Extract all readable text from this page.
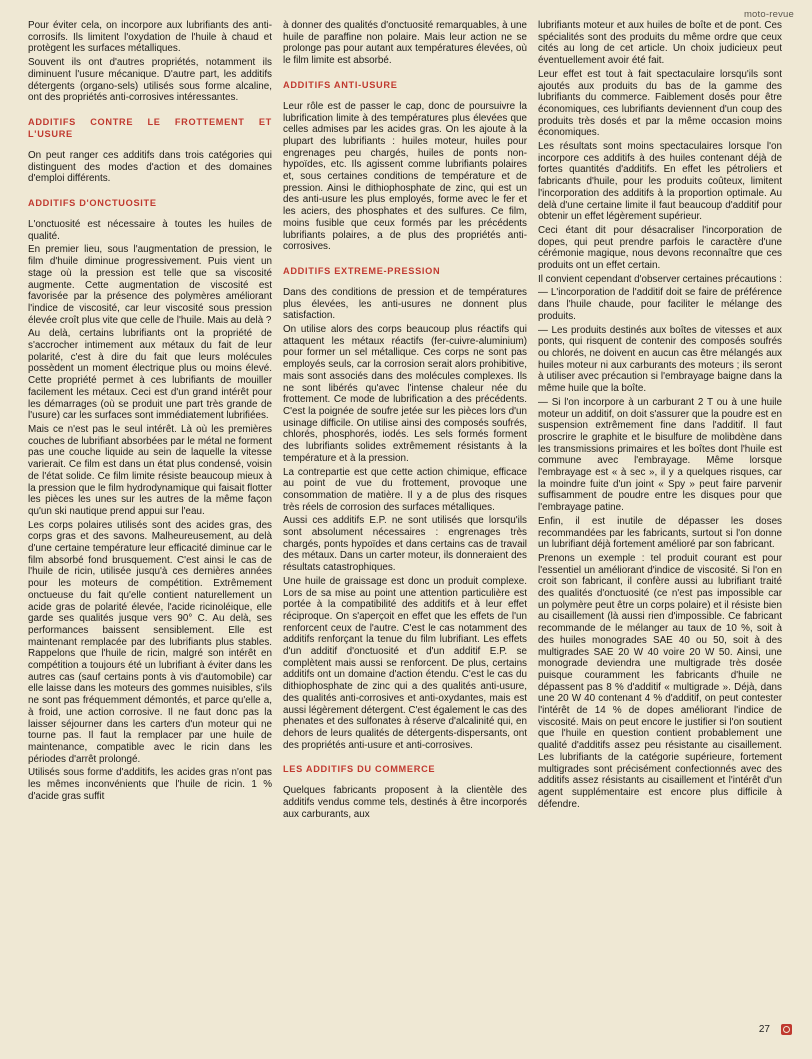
moto-revue

Pour éviter cela, on incorpore aux lubrifiants des anti-corrosifs. Ils limitent l'oxydation de l'huile à chaud et protègent les surfaces métalliques.

Souvent ils ont d'autres propriétés, notamment ils diminuent l'usure mécanique. D'autre part, les additifs détergents (organo-sels) utilisés sous forme alcaline, ont des propriétés anti-corrosives intéressantes.

ADDITIFS CONTRE LE FROTTEMENT ET L'USURE

On peut ranger ces additifs dans trois catégories qui distinguent des modes d'action et des domaines d'emploi différents.

ADDITIFS D'ONCTUOSITE

L'onctuosité est nécessaire à toutes les huiles de qualité.

En premier lieu, sous l'augmentation de pression, le film d'huile diminue progressivement. Puis vient un stage où la pression est telle que sa viscosité augmente. Cette augmentation de viscosité est favorisée par la présence des polymères améliorant l'indice de viscosité, car leur viscosité sous pression élevée croît plus vite que celle de l'huile. Mais au delà ?

Au delà, certains lubrifiants ont la propriété de s'accrocher intimement aux métaux du fait de leur polarité, c'est à dire du fait que leurs molécules possèdent un moment électrique plus ou moins élevé. Cette propriété permet à ces lubrifiants de mouiller facilement les métaux. Ceci est d'un grand intérêt pour les démarrages (où se produit une part très grande de l'usure) car les surfaces sont immédiatement lubrifiées.

Mais ce n'est pas le seul intérêt. Là où les premières couches de lubrifiant absorbées par le métal ne forment pas une couche liquide au sein de laquelle la vitesse varierait. Ce film est dans un état plus condensé, voisin de l'état solide. Ce film limite résiste beaucoup mieux à la pression que le film hydrodynamique qui faisait flotter les pièces les unes sur les autres de la même façon qu'un ski nautique prend appui sur l'eau.

Les corps polaires utilisés sont des acides gras, des corps gras et des savons. Malheureusement, au delà d'une certaine température leur efficacité diminue car le film absorbé fond brusquement. C'est ainsi le cas de l'huile de ricin, utilisée jusqu'à ces dernières années pour les moteurs de compétition. Extrêmement onctueuse du fait qu'elle contient naturellement un acide gras de polarité élevée, l'acide ricinoléique, elle garde ses qualités jusque vers 90° C. Au delà, ses performances baissent sensiblement. Elle est maintenant remplacée par des lubrifiants plus stables. Rappelons que l'huile de ricin, malgré son intérêt en compétition a toujours été un lubrifiant à éviter dans les autres cas (sauf certains ponts à vis d'automobile) car elle laisse dans les moteurs des gommes nuisibles, s'ils ne sont pas fréquemment démontés, et parce qu'elle a, à froid, une action corrosive. Il ne faut donc pas la laisser séjourner dans les carters d'un moteur qui ne tourne pas. Il faut la remplacer par une huile de maintenance, compatible avec le ricin dans les périodes d'arrêt prolongé.

Utilisés sous forme d'additifs, les acides gras n'ont pas les mêmes inconvénients que l'huile de ricin. 1 % d'acide gras suffit

à donner des qualités d'onctuosité remarquables, à une huile de paraffine non polaire. Mais leur action ne se prolonge pas pour autant aux températures élevées, où le film limite est absorbé.

ADDITIFS ANTI-USURE

Leur rôle est de passer le cap, donc de poursuivre la lubrification limite à des températures plus élevées que celles admises par les acides gras. On les ajoute à la plupart des lubrifiants : huiles moteur, huiles pour engrenages peu chargés, huiles de ponts non-hypoïdes, etc. Ils agissent comme lubrifiants polaires et, sous certaines conditions de température et de pression. Ainsi le dithiophosphate de zinc, qui est un des anti-usure les plus employés, forme avec le fer et les aciers, des phosphates et des sulfures. Ce film, moins fusible que ceux formés par les précédents lubrifiants polaires, a de plus des propriétés anti-corrosives.

ADDITIFS EXTREME-PRESSION

Dans des conditions de pression et de températures plus élevées, les anti-usures ne donnent plus satisfaction.

On utilise alors des corps beaucoup plus réactifs qui attaquent les métaux réactifs (fer-cuivre-aluminium) pour former un sel métallique. Ces corps ne sont pas employés seuls, car la corrosion serait alors prohibitive, mais sont associés dans des molécules complexes. Ils ne sont libérés qu'avec l'intense chaleur née du frottement. Ce mode de lubrification a des précédents. C'est la poignée de soufre jetée sur les pièces lors d'un usinage difficile. On utilise ainsi des composés soufrés, chlorés, phosphorés, iodés. Les sels formés forment des lubrifiants solides extrêmement résistants à la température et à la pression.

La contrepartie est que cette action chimique, efficace au point de vue du frottement, provoque une consommation de matière. Il y a de plus des risques très réels de corrosion des surfaces métalliques.

Aussi ces additifs E.P. ne sont utilisés que lorsqu'ils sont absolument nécessaires : engrenages très chargés, ponts hypoïdes et dans certains cas de travail des métaux. Dans un carter moteur, ils donneraient des résultats catastrophiques.

Une huile de graissage est donc un produit complexe. Lors de sa mise au point une attention particulière est portée à la compatibilité des additifs et à leur effet réciproque. On s'aperçoit en effet que les effets de l'un renforcent ceux de l'autre. C'est le cas notamment des additifs renforçant la tenue du film lubrifiant. Les effets d'un additif d'onctuosité et d'un additif E.P. se complètent mais aussi se renforcent. De plus, certains additifs ont un domaine d'action étendu. C'est le cas du dithiophosphate de zinc qui a des qualités anti-usure, des qualités anti-corrosives et anti-oxydantes, mais est aussi légèrement détergent. C'est également le cas des phenates et des sulfonates à réserve d'alcalinité qui, en dehors de leurs qualités de détergents-dispersants, ont des propriétés anti-usure et anti-corrosives.

LES ADDITIFS DU COMMERCE

Quelques fabricants proposent à la clientèle des additifs vendus comme tels, destinés à être incorporés aux carburants, aux

lubrifiants moteur et aux huiles de boîte et de pont. Ces spécialités sont des produits du même ordre que ceux cités au long de cet article. Un choix judicieux peut éventuellement avoir été fait.

Leur effet est tout à fait spectaculaire lorsqu'ils sont ajoutés aux produits du bas de la gamme des lubrifiants du commerce. Faiblement dosés pour être économiques, ces lubrifiants deviennent d'un coup des produits très dosés et par la même occasion moins économiques.

Les résultats sont moins spectaculaires lorsque l'on incorpore ces additifs à des huiles contenant déjà de fortes quantités d'additifs. En effet les pétroliers et fabricants d'huile, pour les produits coûteux, limitent l'incorporation des additifs à la proportion optimale. Au delà d'une certaine limite il faut beaucoup d'additif pour obtenir un effet légèrement supérieur.

Ceci étant dit pour désacraliser l'incorporation de dopes, qui peut prendre parfois le caractère d'une cérémonie magique, nous devons reconnaître que ces produits ont un effet certain.

Il convient cependant d'observer certaines précautions :

— L'incorporation de l'additif doit se faire de préférence dans l'huile chaude, pour faciliter le mélange des produits.

— Les produits destinés aux boîtes de vitesses et aux ponts, qui risquent de contenir des composés soufrés ou chlorés, ne doivent en aucun cas être mélangés aux huiles moteur ni aux carburants des moteurs ; ils seront à utiliser avec précaution si l'embrayage baigne dans la même huile que la boîte.

— Si l'on incorpore à un carburant 2 T ou à une huile moteur un additif, on doit s'assurer que la poudre est en suspension extrêmement fine dans l'additif. Il faut proscrire le graphite et le bisulfure de molibdène dans les transmissions primaires et les boîtes dont l'huile est commune avec l'embrayage. Même lorsque l'embrayage est « à sec », il y a quelques risques, car la moindre fuite d'un joint « Spy » peut faire parvenir suffisamment de poudre entre les disques pour que l'embrayage patine.

Enfin, il est inutile de dépasser les doses recommandées par les fabricants, surtout si l'on donne un lubrifiant déjà fortement amélioré par son fabricant.

Prenons un exemple : tel produit courant est pour l'essentiel un améliorant d'indice de viscosité. Si l'on en croit son fabricant, il confère aussi au lubrifiant traité des qualités d'onctuosité (ce n'est pas impossible car un polymère peut être un corps polaire) et il résiste bien au cisaillement (là aussi rien d'impossible. Ce fabricant recommande de le mélanger au taux de 10 %, soit à des huiles monogrades SAE 40 ou 50, soit à des multigrades SAE 20 W 40 voire 20 W 50. Ainsi, une monograde deviendra une multigrade très dosée puisque couramment les fabricants d'huile ne dépassent pas 8 % d'additif « multigrade ». Déjà, dans une 20 W 40 contenant 4 % d'additif, on peut contester l'intérêt de 14 % de dopes améliorant l'indice de viscosité. Mais on peut encore le justifier si l'on soutient que l'huile en question contient probablement une qualité d'additifs assez peu résistante au cisaillement. Les lubrifiants de la catégorie supérieure, fortement multigrades sont précisément confectionnés avec des additifs assez résistants au cisaillement et l'intérêt d'un agent supplémentaire est encore plus difficile à défendre.

27
